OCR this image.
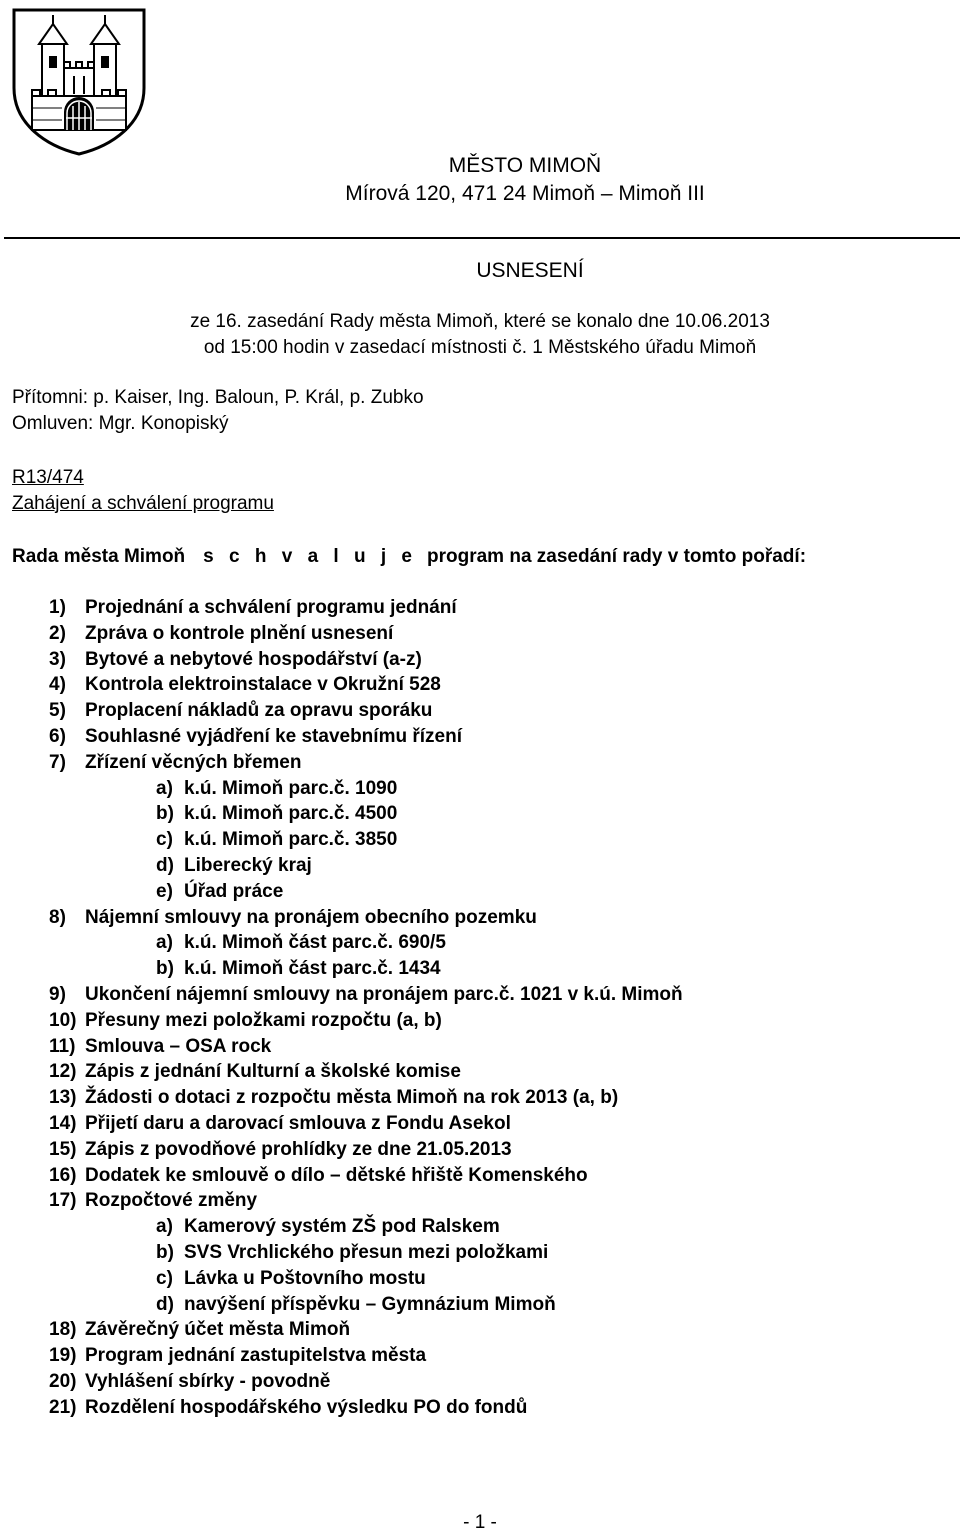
MĚSTO MIMOŇ
Mírová 120, 471 24 Mimoň – Mimoň III
USNESENÍ
ze 16. zasedání Rady města Mimoň, které se konalo dne 10.06.2013
od 15:00 hodin v zasedací místnosti č. 1 Městského úřadu Mimoň
Přítomni: p. Kaiser, Ing. Baloun, P. Král, p. Zubko
Omluven: Mgr. Konopiský
R13/474
Zahájení a schválení programu
Rada města Mimoň s c h v a l u j e program na zasedání rady v tomto pořadí:
1) Projednání a schválení programu jednání
2) Zpráva o kontrole plnění usnesení
3) Bytové a nebytové hospodářství (a-z)
4) Kontrola elektroinstalace v Okružní 528
5) Proplacení nákladů za opravu sporáku
6) Souhlasné vyjádření ke stavebnímu řízení
7) Zřízení věcných břemen
a) k.ú. Mimoň parc.č. 1090
b) k.ú. Mimoň parc.č. 4500
c) k.ú. Mimoň parc.č. 3850
d) Liberecký kraj
e) Úřad práce
8) Nájemní smlouvy na pronájem obecního pozemku
a) k.ú. Mimoň část parc.č. 690/5
b) k.ú. Mimoň část parc.č. 1434
9) Ukončení nájemní smlouvy na pronájem parc.č. 1021 v k.ú. Mimoň
10) Přesuny mezi položkami rozpočtu (a, b)
11) Smlouva – OSA rock
12) Zápis z jednání Kulturní a školské komise
13) Žádosti o dotaci z rozpočtu města Mimoň na rok 2013 (a, b)
14) Přijetí daru a darovací smlouva z Fondu Asekol
15) Zápis z povodňové prohlídky ze dne 21.05.2013
16) Dodatek ke smlouvě o dílo – dětské hřiště Komenského
17) Rozpočtové změny
a) Kamerový systém ZŠ pod Ralskem
b) SVS Vrchlického přesun mezi položkami
c) Lávka u Poštovního mostu
d) navýšení příspěvku – Gymnázium Mimoň
18) Závěrečný účet města Mimoň
19) Program jednání zastupitelstva města
20) Vyhlášení sbírky - povodně
21) Rozdělení hospodářského výsledku PO do fondů
- 1 -
